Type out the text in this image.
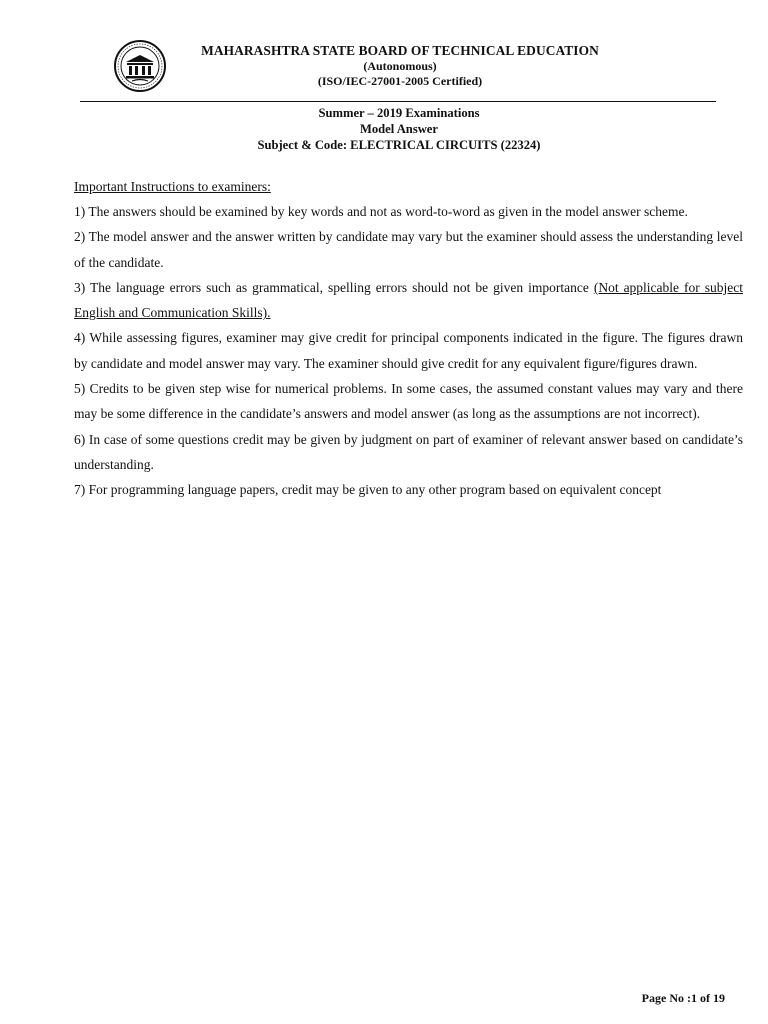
MAHARASHTRA STATE BOARD OF TECHNICAL EDUCATION
(Autonomous)
(ISO/IEC-27001-2005 Certified)
Summer – 2019 Examinations
Model Answer
Subject & Code: ELECTRICAL CIRCUITS (22324)
Important Instructions to examiners:
1) The answers should be examined by key words and not as word-to-word as given in the model answer scheme.
2) The model answer and the answer written by candidate may vary but the examiner should assess the understanding level of the candidate.
3) The language errors such as grammatical, spelling errors should not be given importance (Not applicable for subject English and Communication Skills).
4) While assessing figures, examiner may give credit for principal components indicated in the figure. The figures drawn by candidate and model answer may vary. The examiner should give credit for any equivalent figure/figures drawn.
5) Credits to be given step wise for numerical problems. In some cases, the assumed constant values may vary and there may be some difference in the candidate’s answers and model answer (as long as the assumptions are not incorrect).
6) In case of some questions credit may be given by judgment on part of examiner of relevant answer based on candidate’s understanding.
7) For programming language papers, credit may be given to any other program based on equivalent concept
Page No :1 of 19
